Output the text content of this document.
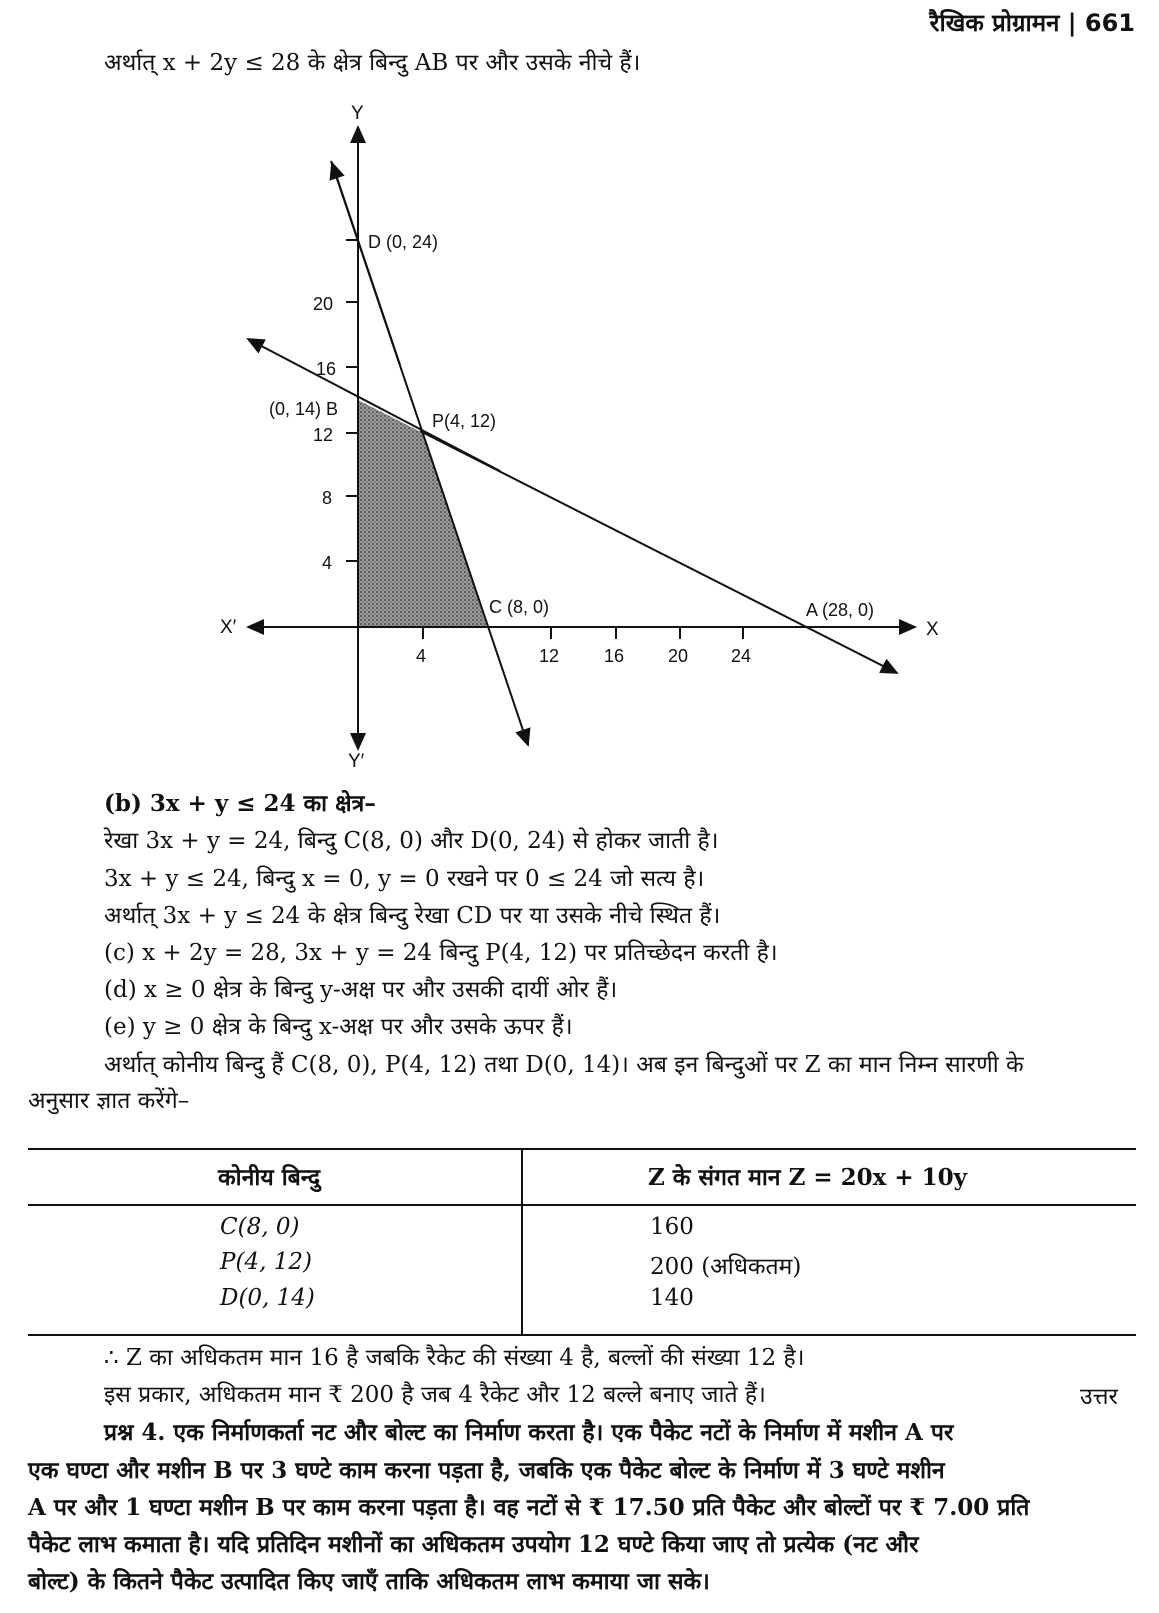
रैखिक प्रोग्रामन | 661
अर्थात् x + 2y ≤ 28 के क्षेत्र बिन्दु AB पर और उसके नीचे हैं।
4
8
12
16
20
4	12 16 20 24
Y
Y′
X
X′
D (0, 24)
(0, 14) B
P(4, 12)
C (8, 0)	A (28, 0)
(b) 3x + y ≤ 24 का क्षेत्र–
रेखा 3x + y = 24, बिन्दु C(8, 0) और D(0, 24) से होकर जाती है।
3x + y ≤ 24, बिन्दु x = 0, y = 0 रखने पर 0 ≤ 24 जो सत्य है।
अर्थात् 3x + y ≤ 24 के क्षेत्र बिन्दु रेखा CD पर या उसके नीचे स्थित हैं।
(c) x + 2y = 28, 3x + y = 24 बिन्दु P(4, 12) पर प्रतिच्छेदन करती है।
(d) x ≥ 0 क्षेत्र के बिन्दु y-अक्ष पर और उसकी दायीं ओर हैं।
(e) y ≥ 0 क्षेत्र के बिन्दु x-अक्ष पर और उसके ऊपर हैं।
अर्थात् कोनीय बिन्दु हैं C(8, 0), P(4, 12) तथा D(0, 14)। अब इन बिन्दुओं पर Z का मान निम्न सारणी के
अनुसार ज्ञात करेंगे–
कोनीय बिन्दु	Z के संगत मान Z = 20x + 10y
C(8, 0)	160
P(4, 12)	200 (अधिकतम)
D(0, 14)	140
∴ Z का अधिकतम मान 16 है जबकि रैकेट की संख्या 4 है, बल्लों की संख्या 12 है।
इस प्रकार, अधिकतम मान ₹ 200 है जब 4 रैकेट और 12 बल्ले बनाए जाते हैं।	उत्तर
प्रश्न 4. एक निर्माणकर्ता नट और बोल्ट का निर्माण करता है। एक पैकेट नटों के निर्माण में मशीन A पर
एक घण्टा और मशीन B पर 3 घण्टे काम करना पड़ता है, जबकि एक पैकेट बोल्ट के निर्माण में 3 घण्टे मशीन
A पर और 1 घण्टा मशीन B पर काम करना पड़ता है। वह नटों से ₹ 17.50 प्रति पैकेट और बोल्टों पर ₹ 7.00 प्रति
पैकेट लाभ कमाता है। यदि प्रतिदिन मशीनों का अधिकतम उपयोग 12 घण्टे किया जाए तो प्रत्येक (नट और
बोल्ट) के कितने पैकेट उत्पादित किए जाएँ ताकि अधिकतम लाभ कमाया जा सके।
